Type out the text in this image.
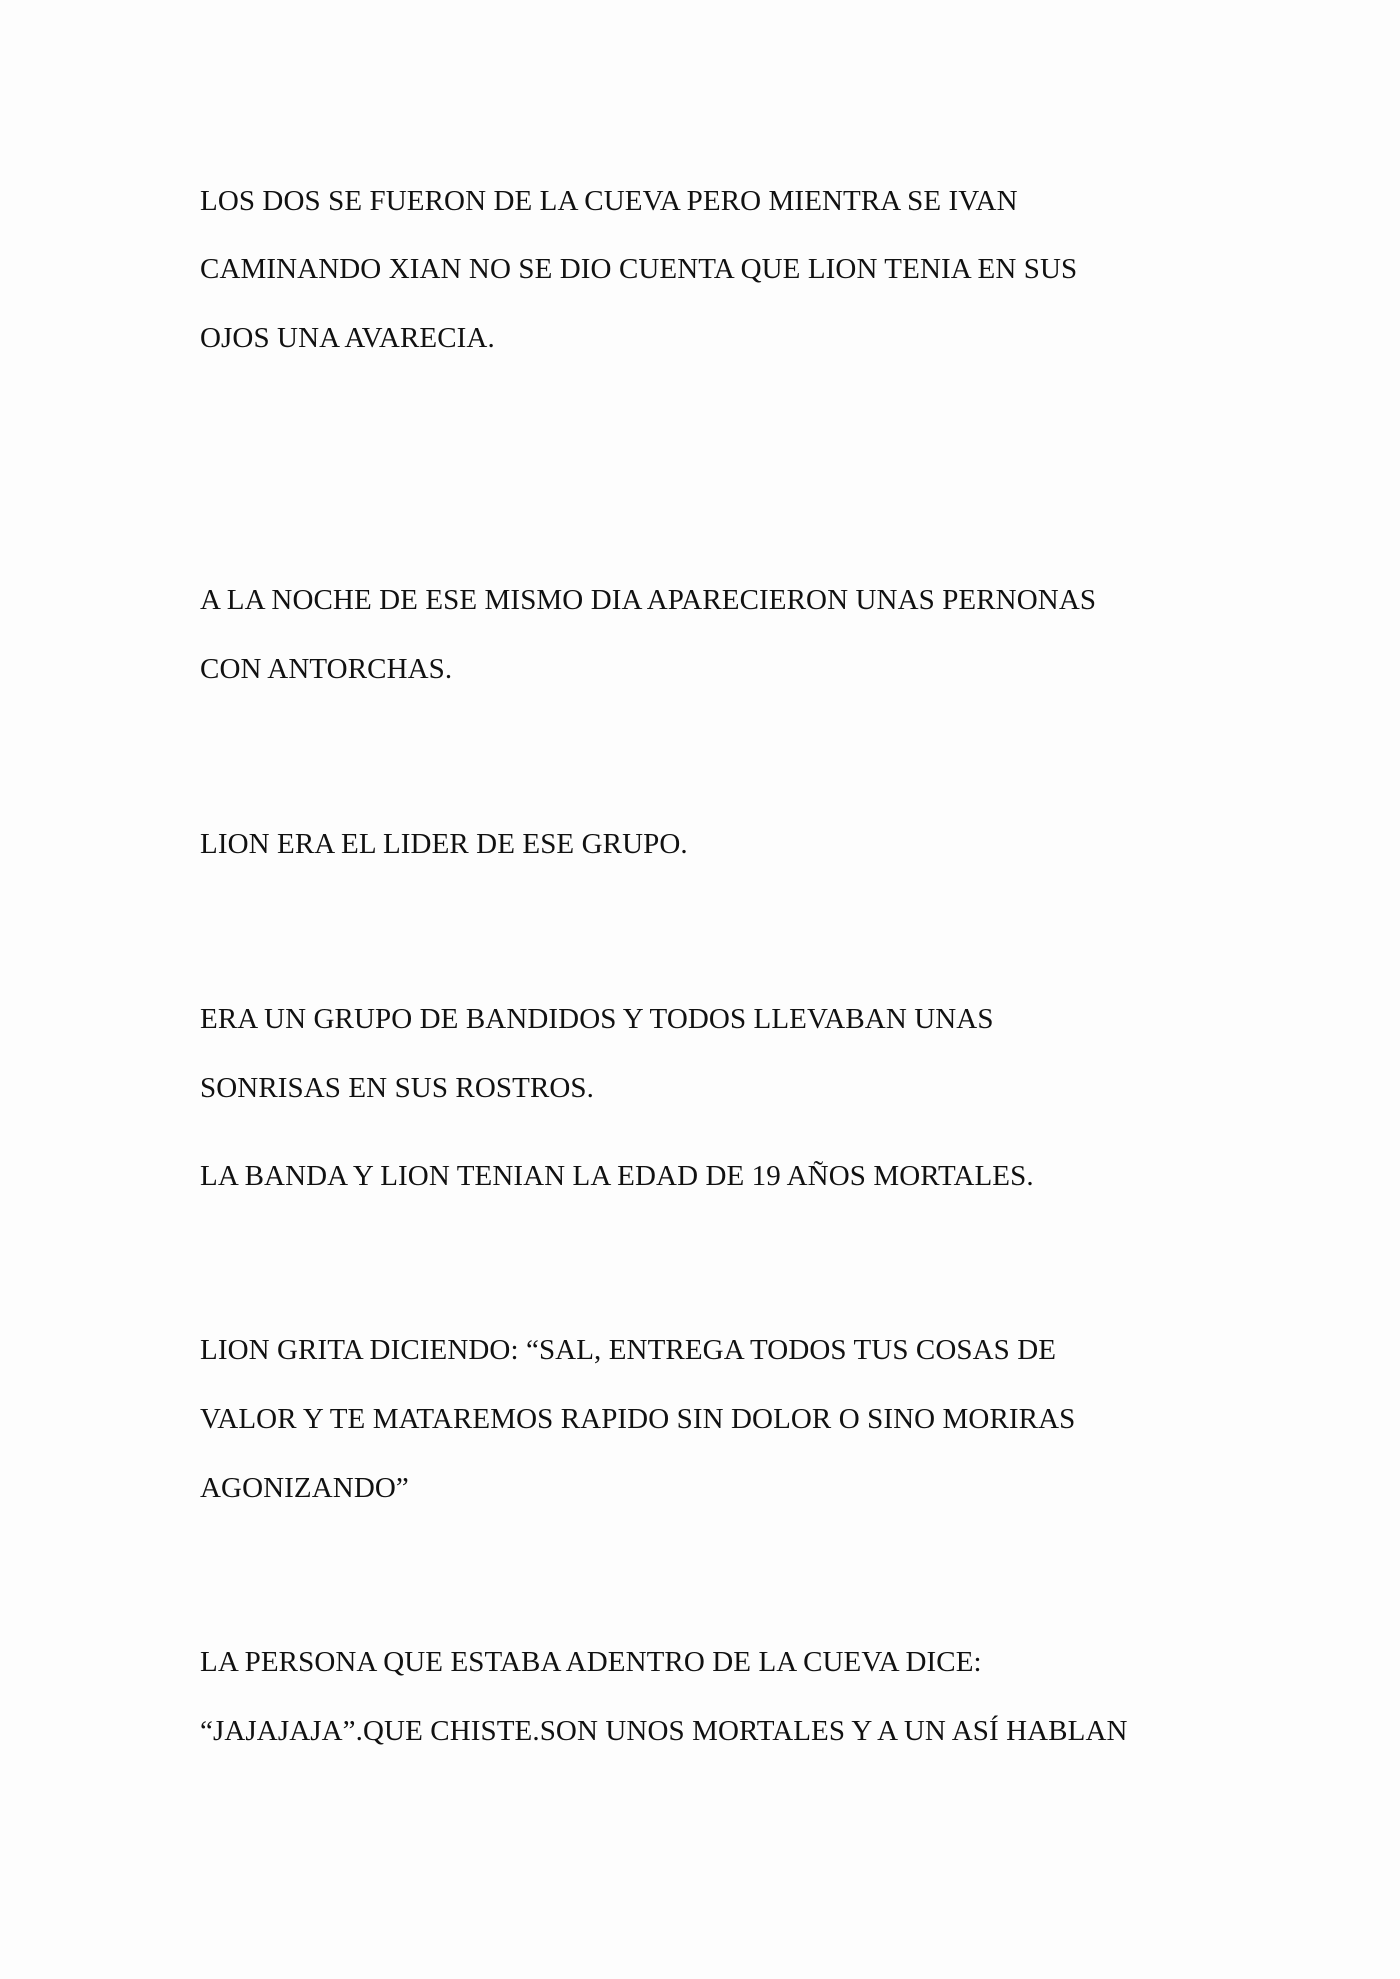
LOS DOS SE FUERON DE LA CUEVA PERO MIENTRA SE IVAN

CAMINANDO XIAN NO SE DIO CUENTA QUE LION TENIA EN SUS

OJOS UNA AVARECIA.

A LA NOCHE DE ESE MISMO DIA APARECIERON UNAS PERNONAS

CON ANTORCHAS.

LION ERA EL LIDER DE ESE GRUPO.

ERA UN GRUPO DE BANDIDOS Y TODOS LLEVABAN UNAS

SONRISAS EN SUS ROSTROS.

LA BANDA Y LION TENIAN LA EDAD DE 19 AÑOS MORTALES.

LION GRITA DICIENDO: “SAL, ENTREGA TODOS TUS COSAS DE

VALOR Y TE MATAREMOS RAPIDO SIN DOLOR O SINO MORIRAS

AGONIZANDO”

LA PERSONA QUE ESTABA ADENTRO DE LA CUEVA DICE:

“JAJAJAJA”.QUE CHISTE.SON UNOS MORTALES Y A UN ASÍ HABLAN
